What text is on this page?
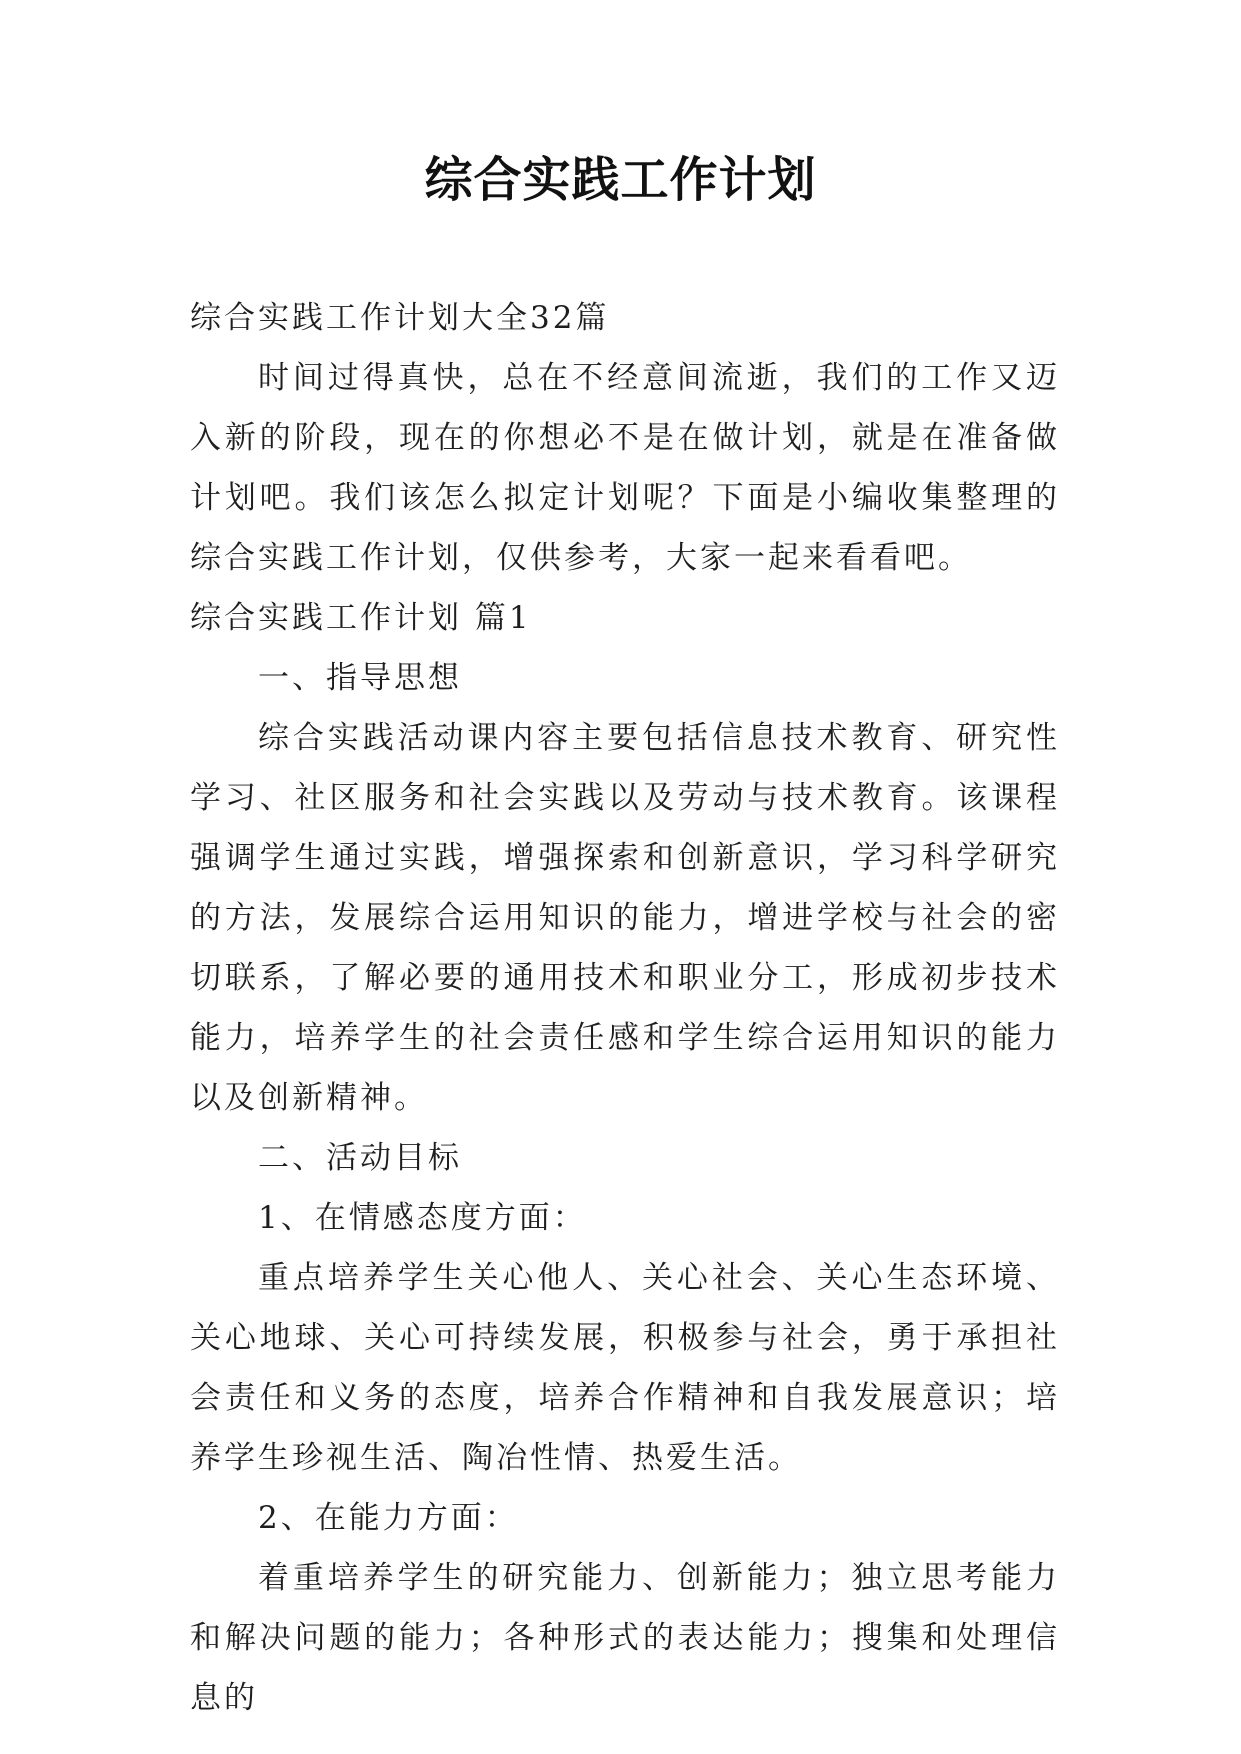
综合实践工作计划

综合实践工作计划大全32篇

时间过得真快，总在不经意间流逝，我们的工作又迈入新的阶段，现在的你想必不是在做计划，就是在准备做计划吧。我们该怎么拟定计划呢？下面是小编收集整理的综合实践工作计划，仅供参考，大家一起来看看吧。

综合实践工作计划 篇1

一、指导思想

综合实践活动课内容主要包括信息技术教育、研究性学习、社区服务和社会实践以及劳动与技术教育。该课程强调学生通过实践，增强探索和创新意识，学习科学研究的方法，发展综合运用知识的能力，增进学校与社会的密切联系，了解必要的通用技术和职业分工，形成初步技术能力，培养学生的社会责任感和学生综合运用知识的能力以及创新精神。

二、活动目标

1、在情感态度方面：

重点培养学生关心他人、关心社会、关心生态环境、关心地球、关心可持续发展，积极参与社会，勇于承担社会责任和义务的态度，培养合作精神和自我发展意识；培养学生珍视生活、陶冶性情、热爱生活。

2、在能力方面：

着重培养学生的研究能力、创新能力；独立思考能力和解决问题的能力；各种形式的表达能力；搜集和处理信息的
